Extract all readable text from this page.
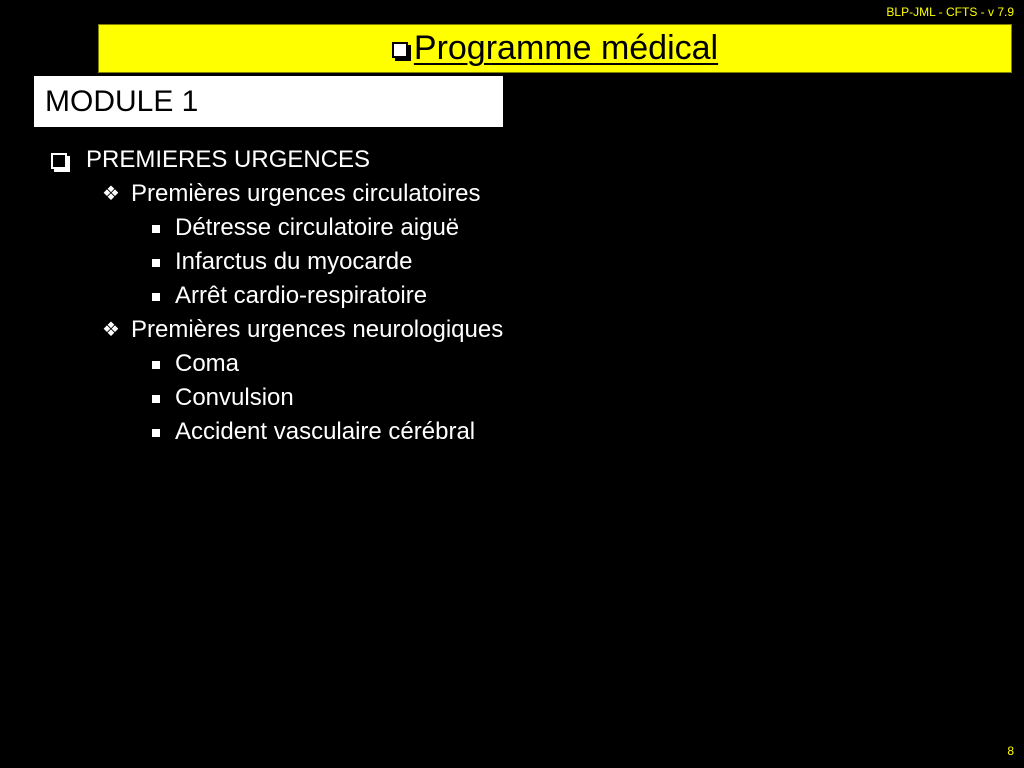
BLP-JML - CFTS - v 7.9
Programme médical
MODULE 1
PREMIERES URGENCES
❖ Premières urgences circulatoires
Détresse circulatoire aiguë
Infarctus du myocarde
Arrêt cardio-respiratoire
❖ Premières urgences neurologiques
Coma
Convulsion
Accident vasculaire cérébral
8
